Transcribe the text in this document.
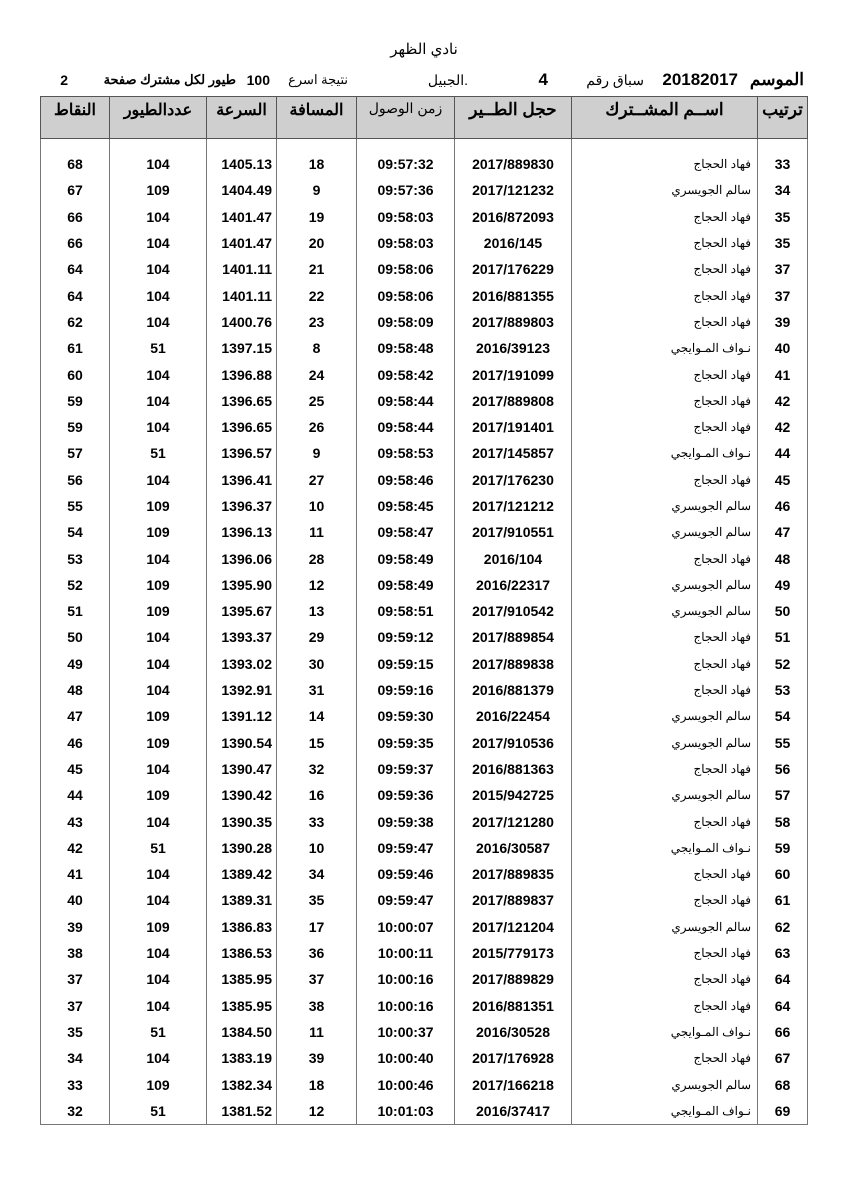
نادي الظهر
الموسم
20182017
سباق رقم
4
الجبيل.
نتيجة اسرع
100
طيور لكل مشترك صفحة
2
ترتيب	اســم المشــترك	حجل الطــير	زمن الوصول	المسافة	السرعة	عددالطيور	النقاط

33	فهاد الحجاج	2017/889830	09:57:32	18	1405.13	104	68
34	سالم الجويسري	2017/121232	09:57:36	9	1404.49	109	67
35	فهاد الحجاج	2016/872093	09:58:03	19	1401.47	104	66
35	فهاد الحجاج	2016/145	09:58:03	20	1401.47	104	66
37	فهاد الحجاج	2017/176229	09:58:06	21	1401.11	104	64
37	فهاد الحجاج	2016/881355	09:58:06	22	1401.11	104	64
39	فهاد الحجاج	2017/889803	09:58:09	23	1400.76	104	62
40	نـواف المـوايجي	2016/39123	09:58:48	8	1397.15	51	61
41	فهاد الحجاج	2017/191099	09:58:42	24	1396.88	104	60
42	فهاد الحجاج	2017/889808	09:58:44	25	1396.65	104	59
42	فهاد الحجاج	2017/191401	09:58:44	26	1396.65	104	59
44	نـواف المـوايجي	2017/145857	09:58:53	9	1396.57	51	57
45	فهاد الحجاج	2017/176230	09:58:46	27	1396.41	104	56
46	سالم الجويسري	2017/121212	09:58:45	10	1396.37	109	55
47	سالم الجويسري	2017/910551	09:58:47	11	1396.13	109	54
48	فهاد الحجاج	2016/104	09:58:49	28	1396.06	104	53
49	سالم الجويسري	2016/22317	09:58:49	12	1395.90	109	52
50	سالم الجويسري	2017/910542	09:58:51	13	1395.67	109	51
51	فهاد الحجاج	2017/889854	09:59:12	29	1393.37	104	50
52	فهاد الحجاج	2017/889838	09:59:15	30	1393.02	104	49
53	فهاد الحجاج	2016/881379	09:59:16	31	1392.91	104	48
54	سالم الجويسري	2016/22454	09:59:30	14	1391.12	109	47
55	سالم الجويسري	2017/910536	09:59:35	15	1390.54	109	46
56	فهاد الحجاج	2016/881363	09:59:37	32	1390.47	104	45
57	سالم الجويسري	2015/942725	09:59:36	16	1390.42	109	44
58	فهاد الحجاج	2017/121280	09:59:38	33	1390.35	104	43
59	نـواف المـوايجي	2016/30587	09:59:47	10	1390.28	51	42
60	فهاد الحجاج	2017/889835	09:59:46	34	1389.42	104	41
61	فهاد الحجاج	2017/889837	09:59:47	35	1389.31	104	40
62	سالم الجويسري	2017/121204	10:00:07	17	1386.83	109	39
63	فهاد الحجاج	2015/779173	10:00:11	36	1386.53	104	38
64	فهاد الحجاج	2017/889829	10:00:16	37	1385.95	104	37
64	فهاد الحجاج	2016/881351	10:00:16	38	1385.95	104	37
66	نـواف المـوايجي	2016/30528	10:00:37	11	1384.50	51	35
67	فهاد الحجاج	2017/176928	10:00:40	39	1383.19	104	34
68	سالم الجويسري	2017/166218	10:00:46	18	1382.34	109	33
69	نـواف المـوايجي	2016/37417	10:01:03	12	1381.52	51	32
